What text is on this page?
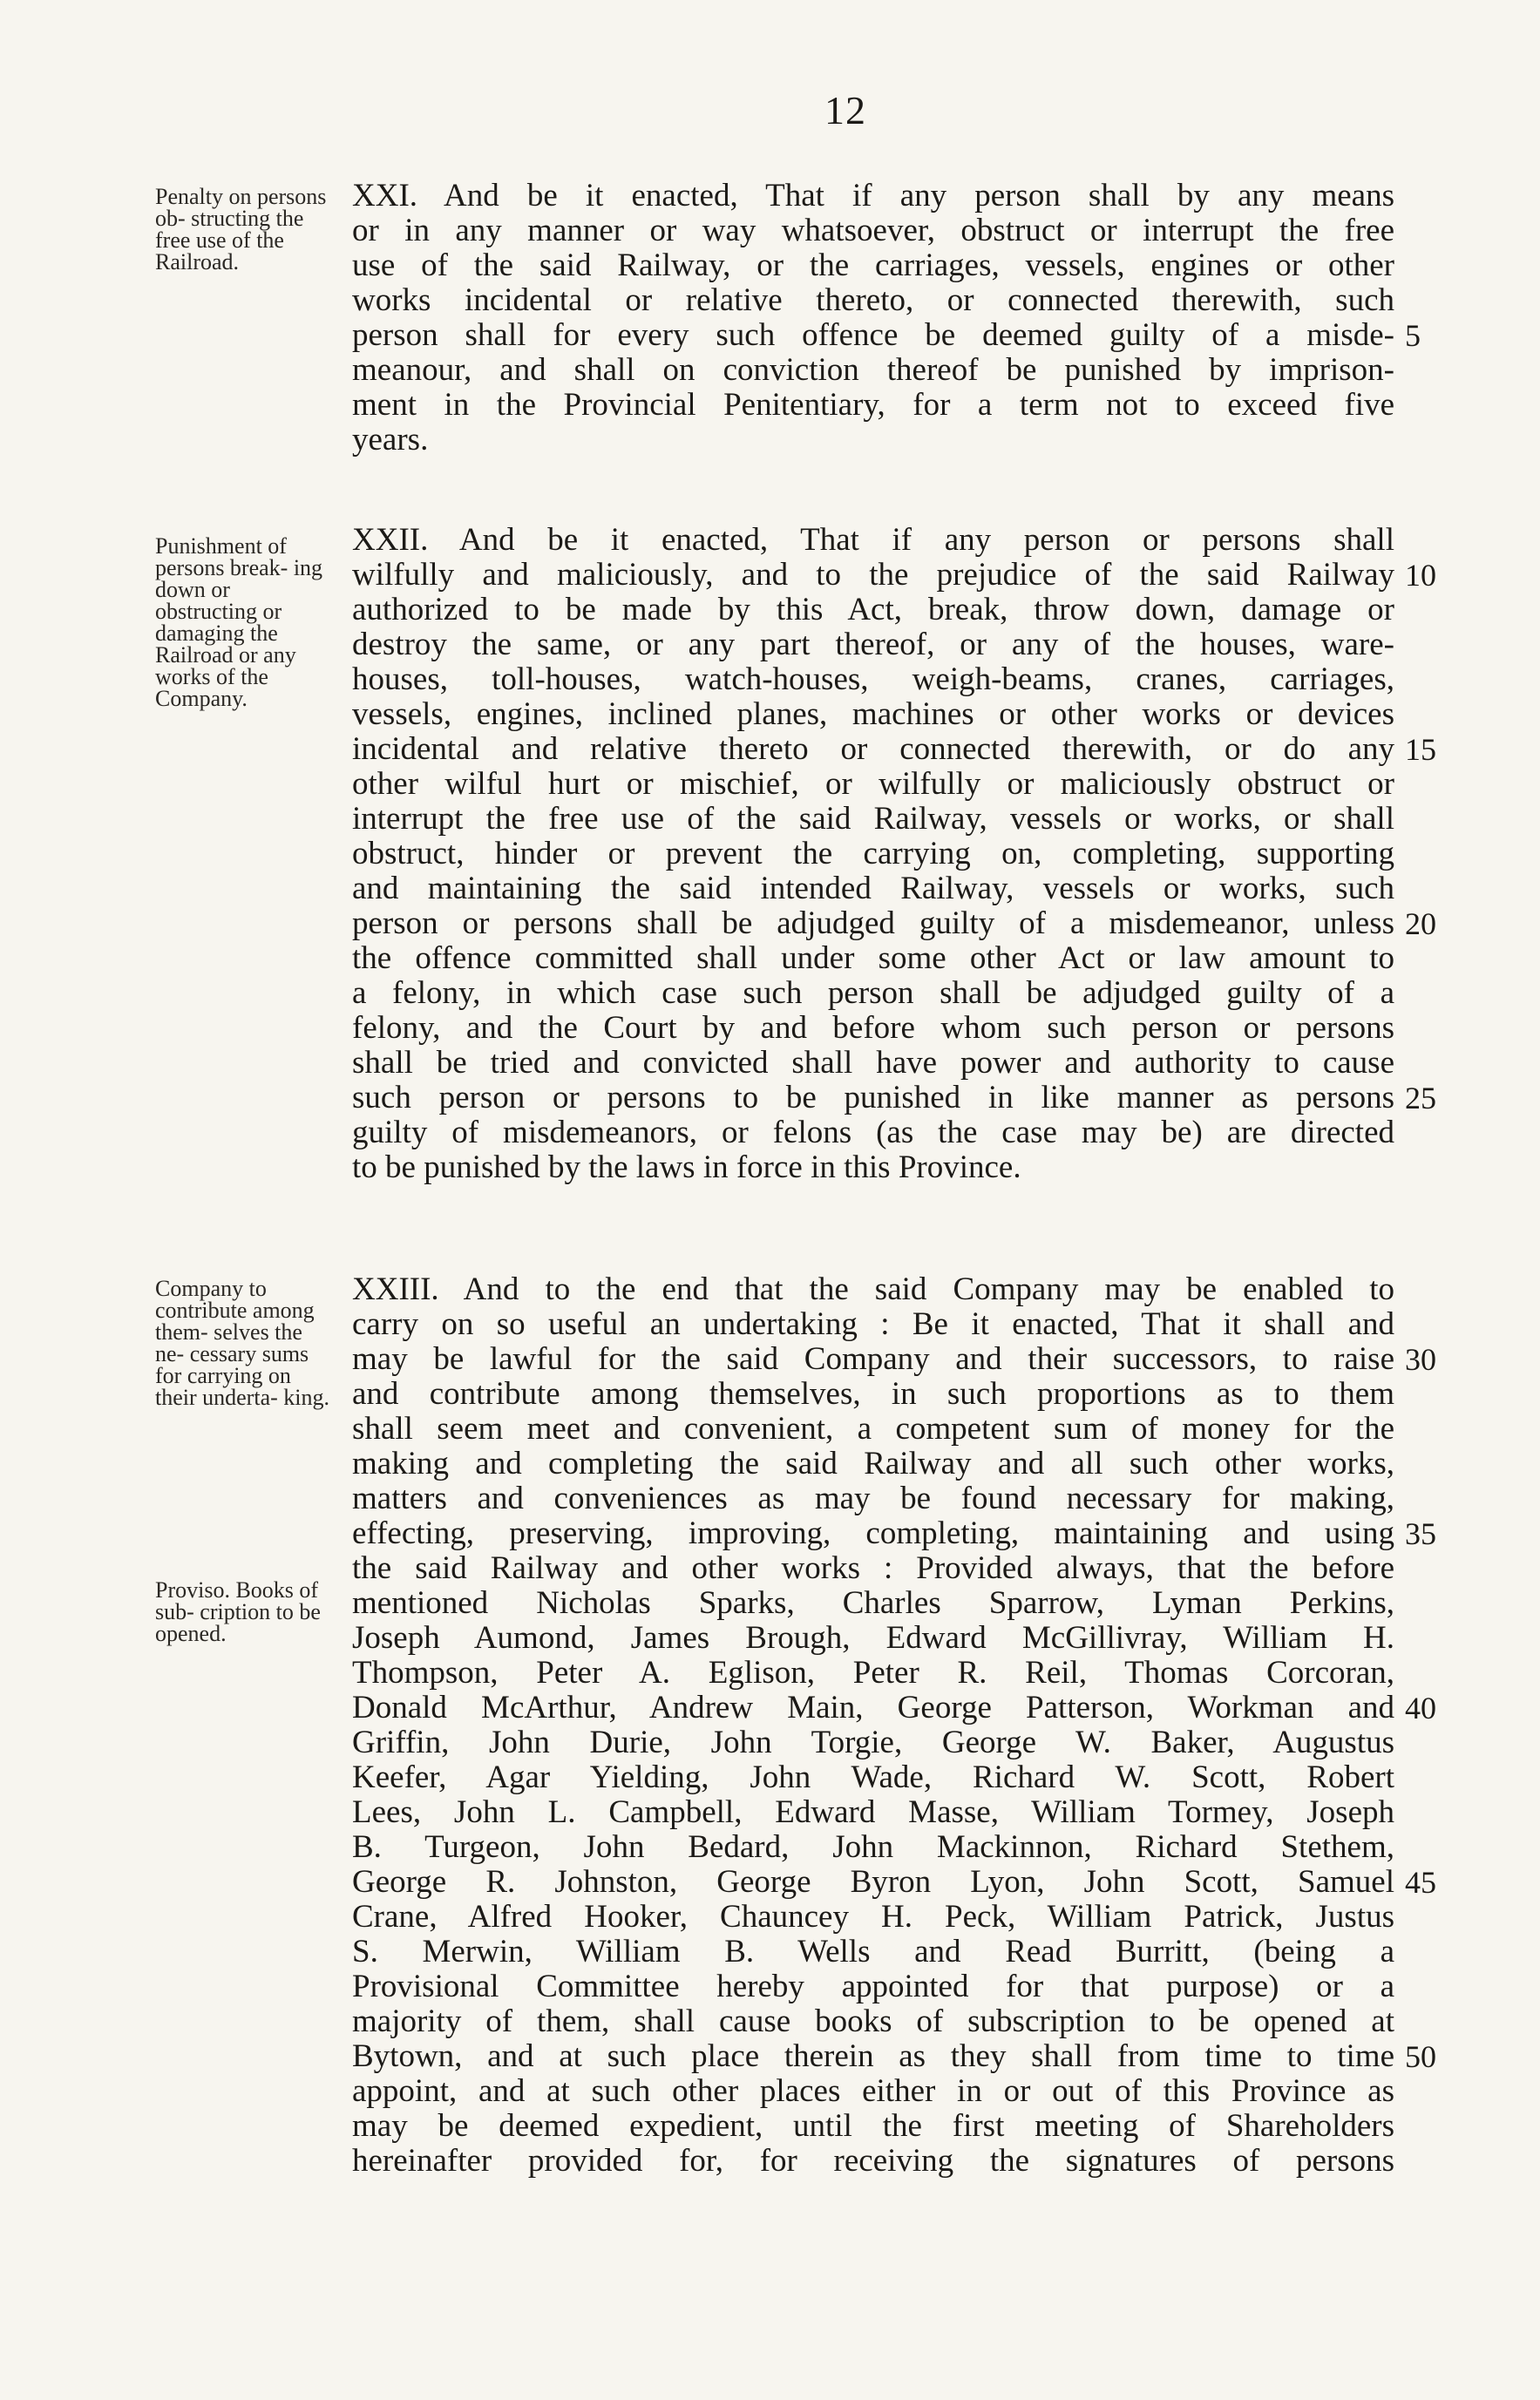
12
Penalty on persons ob- structing the free use of the Railroad.
XXI. And be it enacted, That if any person shall by any means
or in any manner or way whatsoever, obstruct or interrupt the free
use of the said Railway, or the carriages, vessels, engines or other
works incidental or relative thereto, or connected therewith, such
person shall for every such offence be deemed guilty of a misde- 5
meanour, and shall on conviction thereof be punished by imprison-
ment in the Provincial Penitentiary, for a term not to exceed five
years.
Punishment of persons break- ing down or obstructing or damaging the Railroad or any works of the Company.
XXII. And be it enacted, That if any person or persons shall
wilfully and maliciously, and to the prejudice of the said Railway 10
authorized to be made by this Act, break, throw down, damage or
destroy the same, or any part thereof, or any of the houses, ware-
houses, toll-houses, watch-houses, weigh-beams, cranes, carriages,
vessels, engines, inclined planes, machines or other works or devices
incidental and relative thereto or connected therewith, or do any 15
other wilful hurt or mischief, or wilfully or maliciously obstruct or
interrupt the free use of the said Railway, vessels or works, or shall
obstruct, hinder or prevent the carrying on, completing, supporting
and maintaining the said intended Railway, vessels or works, such
person or persons shall be adjudged guilty of a misdemeanor, unless 20
the offence committed shall under some other Act or law amount to
a felony, in which case such person shall be adjudged guilty of a
felony, and the Court by and before whom such person or persons
shall be tried and convicted shall have power and authority to cause
such person or persons to be punished in like manner as persons 25
guilty of misdemeanors, or felons (as the case may be) are directed
to be punished by the laws in force in this Province.
Company to contribute among them- selves the ne- cessary sums for carrying on their underta- king.
Proviso. Books of sub- cription to be opened.
XXIII. And to the end that the said Company may be enabled to
carry on so useful an undertaking : Be it enacted, That it shall and
may be lawful for the said Company and their successors, to raise 30
and contribute among themselves, in such proportions as to them
shall seem meet and convenient, a competent sum of money for the
making and completing the said Railway and all such other works,
matters and conveniences as may be found necessary for making,
effecting, preserving, improving, completing, maintaining and using 35
the said Railway and other works : Provided always, that the before
mentioned Nicholas Sparks, Charles Sparrow, Lyman Perkins,
Joseph Aumond, James Brough, Edward McGillivray, William H.
Thompson, Peter A. Eglison, Peter R. Reil, Thomas Corcoran,
Donald McArthur, Andrew Main, George Patterson, Workman and 40
Griffin, John Durie, John Torgie, George W. Baker, Augustus
Keefer, Agar Yielding, John Wade, Richard W. Scott, Robert
Lees, John L. Campbell, Edward Masse, William Tormey, Joseph
B. Turgeon, John Bedard, John Mackinnon, Richard Stethem,
George R. Johnston, George Byron Lyon, John Scott, Samuel 45
Crane, Alfred Hooker, Chauncey H. Peck, William Patrick, Justus
S. Merwin, William B. Wells and Read Burritt, (being a
Provisional Committee hereby appointed for that purpose) or a
majority of them, shall cause books of subscription to be opened at
Bytown, and at such place therein as they shall from time to time 50
appoint, and at such other places either in or out of this Province as
may be deemed expedient, until the first meeting of Shareholders
hereinafter provided for, for receiving the signatures of persons
